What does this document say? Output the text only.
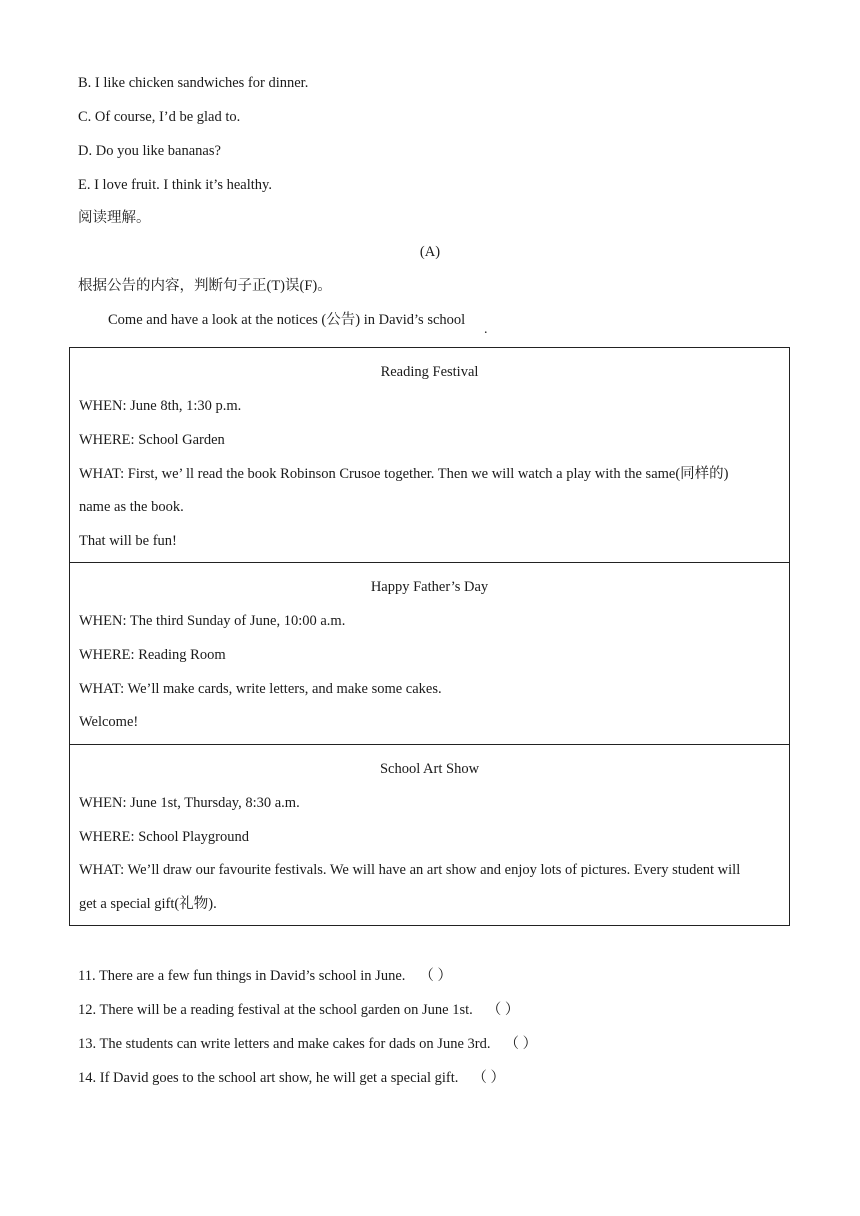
B. I like chicken sandwiches for dinner.
C. Of course, I’d be glad to.
D. Do you like bananas?
E. I love fruit. I think it’s healthy.
阅读理解。
(A)
根据公告的内容，判断句子正(T)误(F)。
Come and have a look at the notices (公告) in David’s school
.
Reading Festival
WHEN: June 8th, 1:30 p.m.
WHERE: School Garden
WHAT: First, we’ ll read the book Robinson Crusoe together. Then we will watch a play with the same(同样的)
name as the book.
That will be fun!
Happy Father’s Day
WHEN: The third Sunday of June, 10:00 a.m.
WHERE: Reading Room
WHAT: We’ll make cards, write letters, and make some cakes.
Welcome!
School Art Show
WHEN: June 1st, Thursday, 8:30 a.m.
WHERE: School Playground
WHAT: We’ll draw our favourite festivals. We will have an art show and enjoy lots of pictures. Every student will
get a special gift(礼物).
11. There are a few fun things in David’s school in June. （ ）
12. There will be a reading festival at the school garden on June 1st. （ ）
13. The students can write letters and make cakes for dads on June 3rd. （ ）
14. If David goes to the school art show, he will get a special gift. （ ）
